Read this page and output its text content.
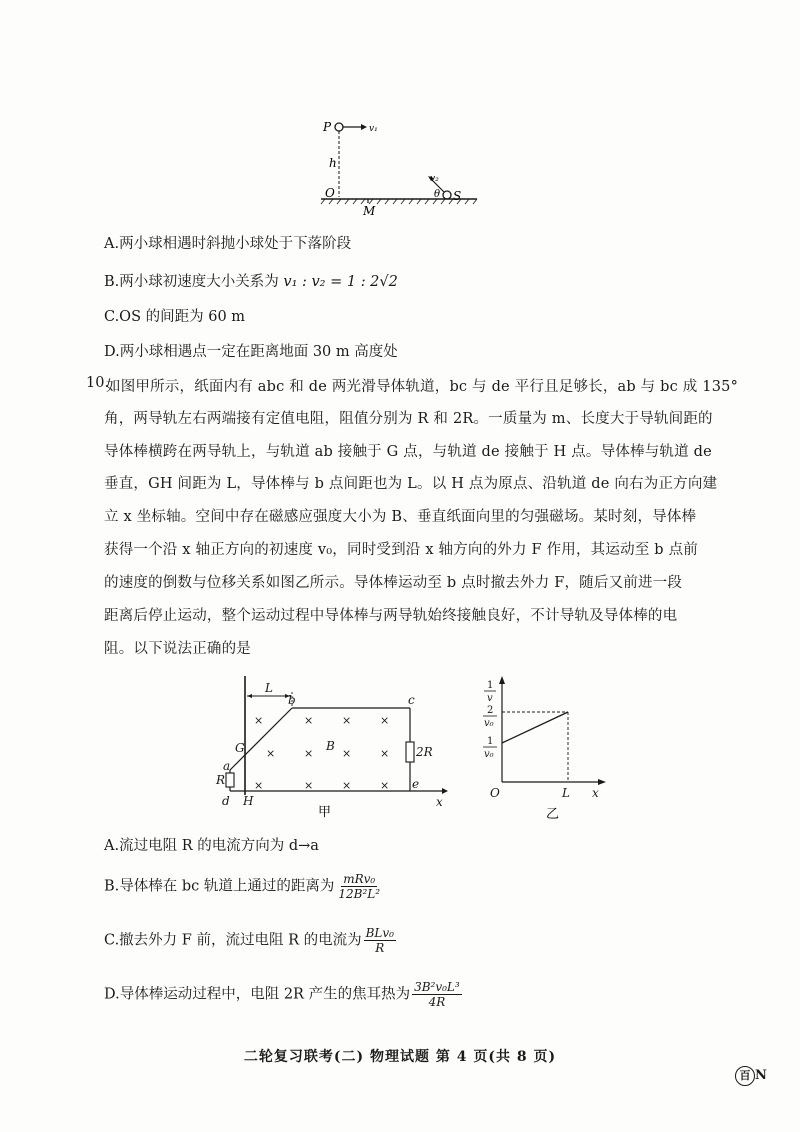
P	v₁
h
O
M
v₂
θ S
A.两小球相遇时斜抛小球处于下落阶段
B.两小球初速度大小关系为 v₁ : v₂ = 1 : 2√2
C.OS 的间距为 60 m
D.两小球相遇点一定在距离地面 30 m 高度处
10.
如图甲所示，纸面内有 abc 和 de 两光滑导体轨道，bc 与 de 平行且足够长，ab 与 bc 成 135°
角，两导轨左右两端接有定值电阻，阻值分别为 R 和 2R。一质量为 m、长度大于导轨间距的
导体棒横跨在两导轨上，与轨道 ab 接触于 G 点，与轨道 de 接触于 H 点。导体棒与轨道 de
垂直，GH 间距为 L，导体棒与 b 点间距也为 L。以 H 点为原点、沿轨道 de 向右为正方向建
立 x 坐标轴。空间中存在磁感应强度大小为 B、垂直纸面向里的匀强磁场。某时刻，导体棒
获得一个沿 x 轴正方向的初速度 v₀，同时受到沿 x 轴方向的外力 F 作用，其运动至 b 点前
的速度的倒数与位移关系如图乙所示。导体棒运动至 b 点时撤去外力 F，随后又前进一段
距离后停止运动，整个运动过程中导体棒与两导轨始终接触良好，不计导轨及导体棒的电
阻。以下说法正确的是
×	×	×	×
×	×	×	×
×	×	×	×
L
b	c
G	B
a
R
d H
e
2R
x
甲
1
v
2
v₀
1
v₀
O	L x
乙
A.流过电阻 R 的电流方向为 d→a
B.导体棒在 bc 轨道上通过的距离为 $\frac{\text{mRv₀}}{\text{12B²L²}}$
C.撤去外力 F 前，流过电阻 R 的电流为 $\frac{\text{BLv₀}}{R}$
D.导体棒运动过程中，电阻 2R 产生的焦耳热为 $\frac{\text{3B²v₀L³}}{4R}$
二轮复习联考(二) 物理试题 第 4 页(共 8 页)
百 N
